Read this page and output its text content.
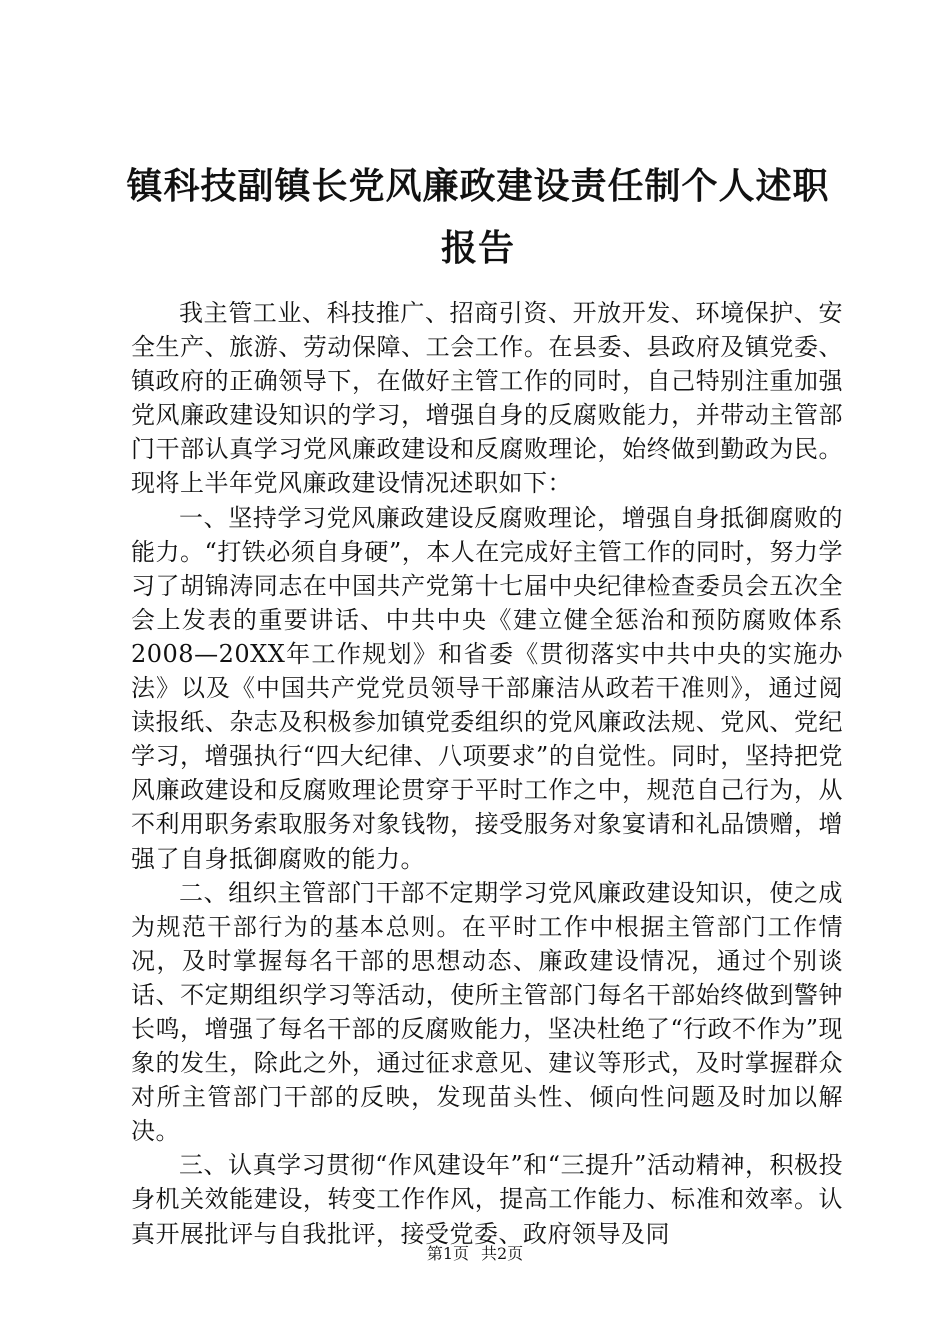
镇科技副镇长党风廉政建设责任制个人述职报告

我主管工业、科技推广、招商引资、开放开发、环境保护、安全生产、旅游、劳动保障、工会工作。在县委、县政府及镇党委、镇政府的正确领导下，在做好主管工作的同时，自己特别注重加强党风廉政建设知识的学习，增强自身的反腐败能力，并带动主管部门干部认真学习党风廉政建设和反腐败理论，始终做到勤政为民。现将上半年党风廉政建设情况述职如下：

一、坚持学习党风廉政建设反腐败理论，增强自身抵御腐败的能力。“打铁必须自身硬”，本人在完成好主管工作的同时，努力学习了胡锦涛同志在中国共产党第十七届中央纪律检查委员会五次全会上发表的重要讲话、中共中央《建立健全惩治和预防腐败体系2008—20XX年工作规划》和省委《贯彻落实中共中央的实施办法》以及《中国共产党党员领导干部廉洁从政若干准则》，通过阅读报纸、杂志及积极参加镇党委组织的党风廉政法规、党风、党纪学习，增强执行“四大纪律、八项要求”的自觉性。同时，坚持把党风廉政建设和反腐败理论贯穿于平时工作之中，规范自己行为，从不利用职务索取服务对象钱物，接受服务对象宴请和礼品馈赠，增强了自身抵御腐败的能力。

二、组织主管部门干部不定期学习党风廉政建设知识，使之成为规范干部行为的基本总则。在平时工作中根据主管部门工作情况，及时掌握每名干部的思想动态、廉政建设情况，通过个别谈话、不定期组织学习等活动，使所主管部门每名干部始终做到警钟长鸣，增强了每名干部的反腐败能力，坚决杜绝了“行政不作为”现象的发生，除此之外，通过征求意见、建议等形式，及时掌握群众对所主管部门干部的反映，发现苗头性、倾向性问题及时加以解决。

三、认真学习贯彻“作风建设年”和“三提升”活动精神，积极投身机关效能建设，转变工作作风，提高工作能力、标准和效率。认真开展批评与自我批评，接受党委、政府领导及同

第1页 共2页
